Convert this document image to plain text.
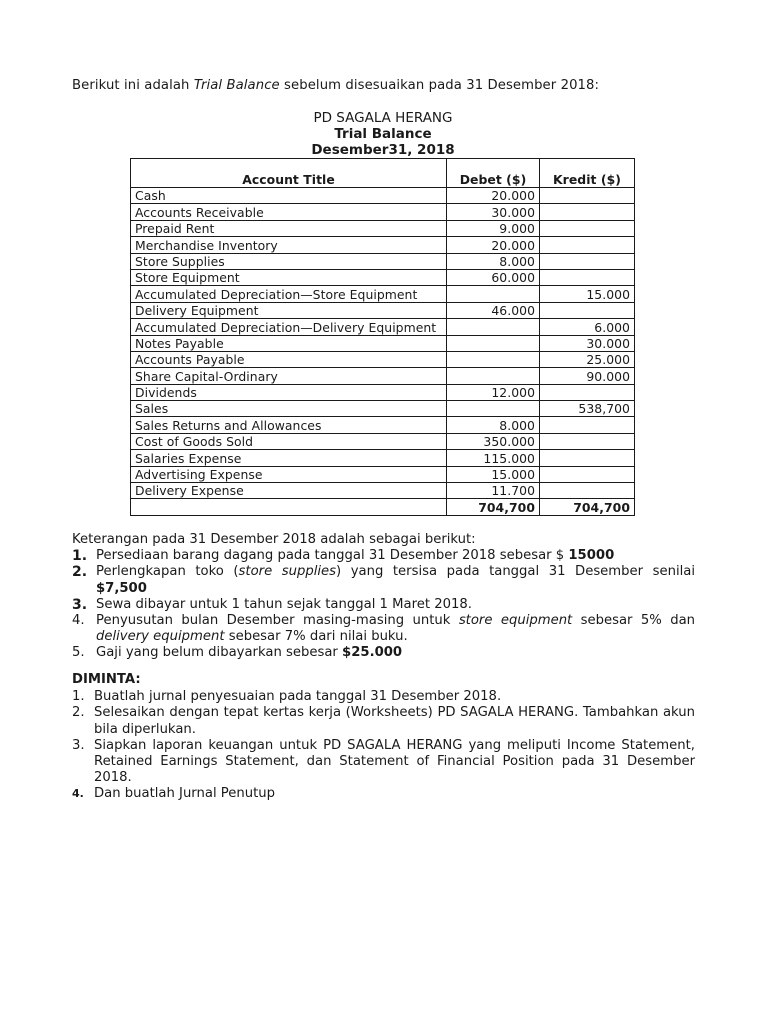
Berikut ini adalah Trial Balance sebelum disesuaikan pada 31 Desember 2018:
PD SAGALA HERANG
Trial Balance
Desember31, 2018
Account Title	Debet ($)	Kredit ($)
Cash	20.000	
Accounts Receivable	30.000	
Prepaid Rent	9.000	
Merchandise Inventory	20.000	
Store Supplies	8.000	
Store Equipment	60.000	
Accumulated Depreciation—Store Equipment		15.000
Delivery Equipment	46.000	
Accumulated Depreciation—Delivery Equipment		6.000
Notes Payable		30.000
Accounts Payable		25.000
Share Capital-Ordinary		90.000
Dividends	12.000	
Sales		538,700
Sales Returns and Allowances	8.000	
Cost of Goods Sold	350.000	
Salaries Expense	115.000	
Advertising Expense	15.000	
Delivery Expense	11.700	
	704,700	704,700
Keterangan pada 31 Desember 2018 adalah sebagai berikut:
1. Persediaan barang dagang pada tanggal 31 Desember 2018 sebesar $ 15000
2. Perlengkapan toko (store supplies) yang tersisa pada tanggal 31 Desember senilai $7,500
3. Sewa dibayar untuk 1 tahun sejak tanggal 1 Maret 2018.
4. Penyusutan bulan Desember masing-masing untuk store equipment sebesar 5% dan delivery equipment sebesar 7% dari nilai buku.
5. Gaji yang belum dibayarkan sebesar $25.000
DIMINTA:
1. Buatlah jurnal penyesuaian pada tanggal 31 Desember 2018.
2. Selesaikan dengan tepat kertas kerja (Worksheets) PD SAGALA HERANG. Tambahkan akun bila diperlukan.
3. Siapkan laporan keuangan untuk PD SAGALA HERANG yang meliputi Income Statement, Retained Earnings Statement, dan Statement of Financial Position pada 31 Desember 2018.
4. Dan buatlah Jurnal Penutup
